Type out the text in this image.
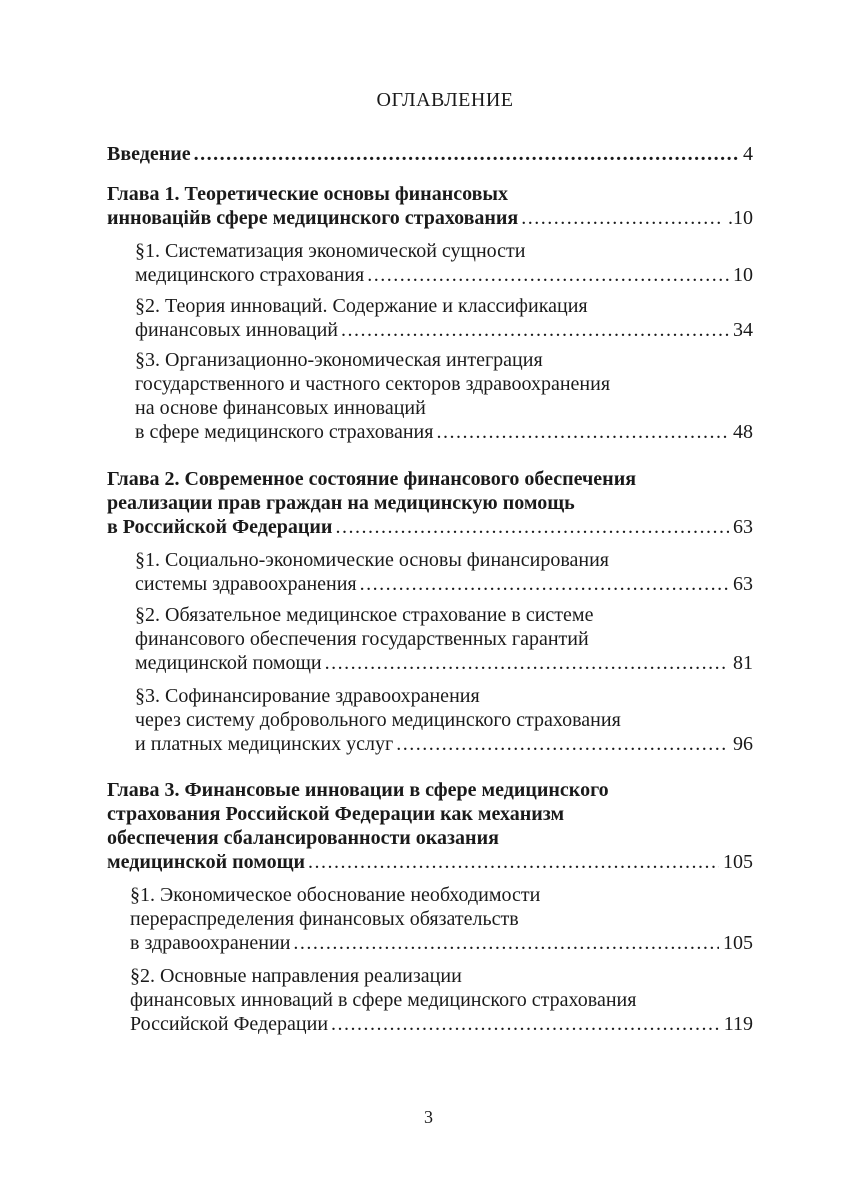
ОГЛАВЛЕНИЕ
Введение .....	4
Глава 1. Теоретические основы финансовых
инноваційв сфере медицинского страхования .....	.10
§1. Систематизация экономической сущности
медицинского страхования .....	10
§2. Теория инноваций. Содержание и классификация
финансовых инноваций .....	34
§3. Организационно-экономическая интеграция
государственного и частного секторов здравоохранения
на основе финансовых инноваций
в сфере медицинского страхования .....	48
Глава 2. Современное состояние финансового обеспечения
реализации прав граждан на медицинскую помощь
в Российской Федерации .....	63
§1. Социально-экономические основы финансирования
системы здравоохранения .....	63
§2. Обязательное медицинское страхование в системе
финансового обеспечения государственных гарантий
медицинской помощи .....	81
§3. Софинансирование здравоохранения
через систему добровольного медицинского страхования
и платных медицинских услуг .....	96
Глава 3. Финансовые инновации в сфере медицинского
страхования Российской Федерации как механизм
обеспечения сбалансированности оказания
медицинской помощи .....	105
§1. Экономическое обоснование необходимости
перераспределения финансовых обязательств
в здравоохранении .....	105
§2. Основные направления реализации
финансовых инноваций в сфере медицинского страхования
Российской Федерации .....	119
3
